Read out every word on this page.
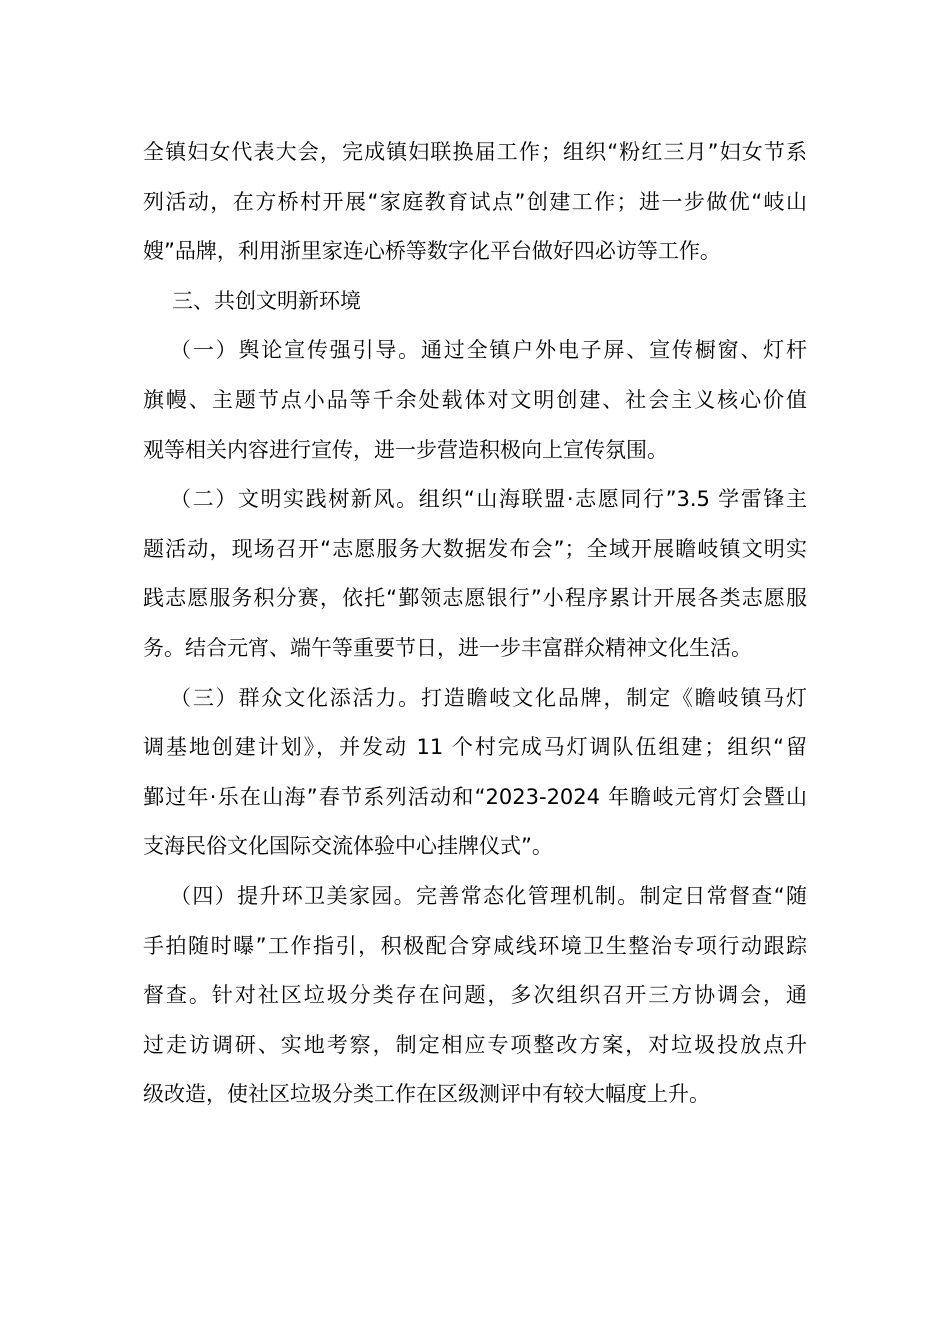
全镇妇女代表大会，完成镇妇联换届工作；组织“粉红三月”妇女节系
列活动，在方桥村开展“家庭教育试点”创建工作；进一步做优“岐山
嫂”品牌，利用浙里家连心桥等数字化平台做好四必访等工作。
三、共创文明新环境
（一）舆论宣传强引导。通过全镇户外电子屏、宣传橱窗、灯杆
旗幔、主题节点小品等千余处载体对文明创建、社会主义核心价值
观等相关内容进行宣传，进一步营造积极向上宣传氛围。
（二）文明实践树新风。组织“山海联盟·志愿同行”3.5 学雷锋主
题活动，现场召开“志愿服务大数据发布会”；全域开展瞻岐镇文明实
践志愿服务积分赛，依托“鄞领志愿银行”小程序累计开展各类志愿服
务。结合元宵、端午等重要节日，进一步丰富群众精神文化生活。
（三）群众文化添活力。打造瞻岐文化品牌，制定《瞻岐镇马灯
调基地创建计划》，并发动 11 个村完成马灯调队伍组建；组织“留
鄞过年·乐在山海”春节系列活动和“2023-2024 年瞻岐元宵灯会暨山
支海民俗文化国际交流体验中心挂牌仪式”。
（四）提升环卫美家园。完善常态化管理机制。制定日常督查“随
手拍随时曝”工作指引，积极配合穿咸线环境卫生整治专项行动跟踪
督查。针对社区垃圾分类存在问题，多次组织召开三方协调会，通
过走访调研、实地考察，制定相应专项整改方案，对垃圾投放点升
级改造，使社区垃圾分类工作在区级测评中有较大幅度上升。
